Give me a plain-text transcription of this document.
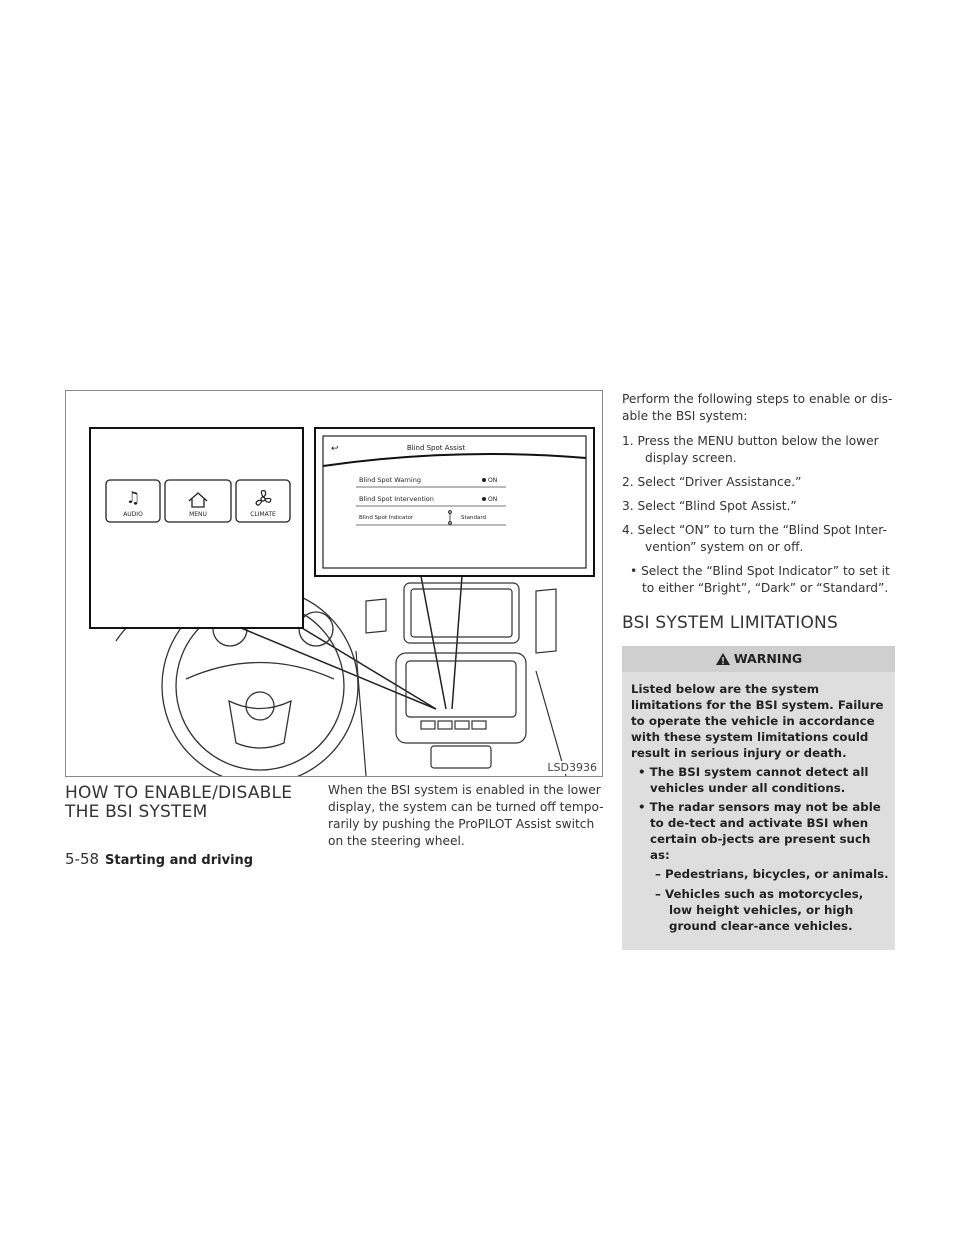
♫
AUDIO	MENU	CLIMATE
↩	Blind Spot Assist
Blind Spot Warning	ON
Blind Spot Intervention	ON
Blind Spot Indicator	Standard
LSD3936
HOW TO ENABLE/DISABLE THE BSI SYSTEM

When the BSI system is enabled in the lower display, the system can be turned off tempo-rarily by pushing the ProPILOT Assist switch on the steering wheel.

Perform the following steps to enable or dis-able the BSI system:

1. Press the MENU button below the lower display screen.
2. Select “Driver Assistance.”
3. Select “Blind Spot Assist.”
4. Select “ON” to turn the “Blind Spot Inter-vention” system on or off.
• Select the “Blind Spot Indicator” to set it to either “Bright”, “Dark” or “Standard”.
BSI SYSTEM LIMITATIONS
WARNING

Listed below are the system limitations for the BSI system. Failure to operate the vehicle in accordance with these system limitations could result in serious injury or death.

• The BSI system cannot detect all vehicles under all conditions.
• The radar sensors may not be able to de-tect and activate BSI when certain ob-jects are present such as:
– Pedestrians, bicycles, or animals.
– Vehicles such as motorcycles, low height vehicles, or high ground clear-ance vehicles.
5-58 Starting and driving
